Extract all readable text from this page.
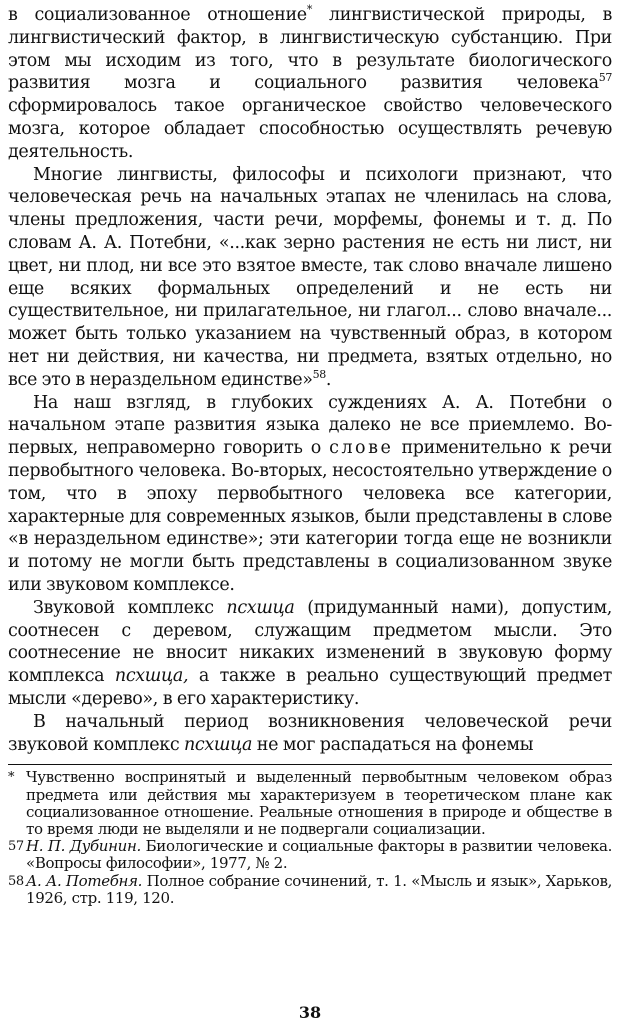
в социализованное отношение* лингвистической природы, в лингвистический фактор, в лингвистическую субстанцию. При этом мы исходим из того, что в результате биологического развития мозга и социального развития человека$^{57}$ сформировалось такое органическое свойство человеческого мозга, которое обладает способностью осуществлять речевую деятельность.

Многие лингвисты, философы и психологи признают, что человеческая речь на начальных этапах не членилась на слова, члены предложения, части речи, морфемы, фонемы и т. д. По словам А. А. Потебни, «...как зерно растения не есть ни лист, ни цвет, ни плод, ни все это взятое вместе, так слово вначале лишено еще всяких формальных определений и не есть ни существительное, ни прилагательное, ни глагол... слово вначале... может быть только указанием на чувственный образ, в котором нет ни действия, ни качества, ни предмета, взятых отдельно, но все это в нераздельном единстве»$^{58}$.

На наш взгляд, в глубоких суждениях А. А. Потебни о начальном этапе развития языка далеко не все приемлемо. Во-первых, неправомерно говорить о слове применительно к речи первобытного человека. Во-вторых, несостоятельно утверждение о том, что в эпоху первобытного человека все категории, характерные для современных языков, были представлены в слове «в нераздельном единстве»; эти категории тогда еще не возникли и потому не могли быть представлены в социализованном звуке или звуковом комплексе.

Звуковой комплекс псхшца (придуманный нами), допустим, соотнесен с деревом, служащим предметом мысли. Это соотнесение не вносит никаких изменений в звуковую форму комплекса псхшца, а также в реально существующий предмет мысли «дерево», в его характеристику.

В начальный период возникновения человеческой речи звуковой комплекс псхшца не мог распадаться на фонемы

* Чувственно воспринятый и выделенный первобытным человеком образ предмета или действия мы характеризуем в теоретическом плане как социализованное отношение. Реальные отношения в природе и обществе в то время люди не выделяли и не подвергали социализации.

57 Н. П. Дубинин. Биологические и социальные факторы в развитии человека. «Вопросы философии», 1977, № 2.

58 А. А. Потебня. Полное собрание сочинений, т. 1. «Мысль и язык», Харьков, 1926, стр. 119, 120.

38
